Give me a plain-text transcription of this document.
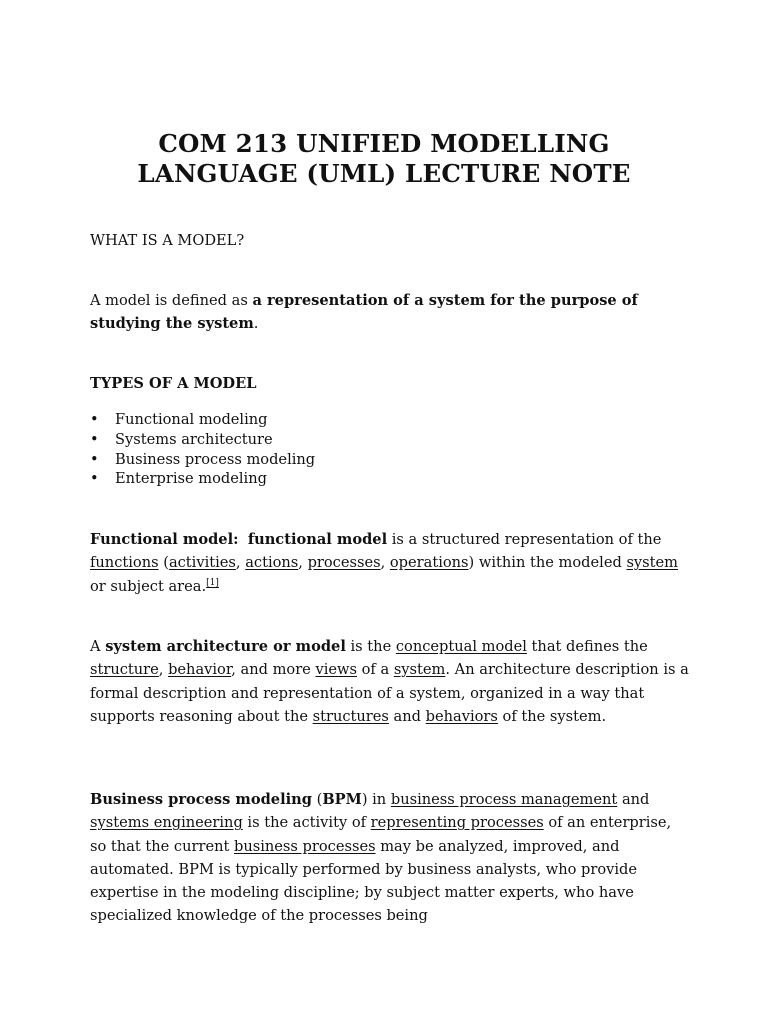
COM 213 UNIFIED MODELLING
LANGUAGE (UML) LECTURE NOTE

WHAT IS A MODEL?

A model is defined as a representation of a system for the purpose of studying the system.

TYPES OF A MODEL

• Functional modeling
• Systems architecture
• Business process modeling
• Enterprise modeling

Functional model: functional model is a structured representation of the functions (activities, actions, processes, operations) within the modeled system or subject area.[1]

A system architecture or model is the conceptual model that defines the structure, behavior, and more views of a system. An architecture description is a formal description and representation of a system, organized in a way that supports reasoning about the structures and behaviors of the system.

Business process modeling (BPM) in business process management and systems engineering is the activity of representing processes of an enterprise, so that the current business processes may be analyzed, improved, and automated. BPM is typically performed by business analysts, who provide expertise in the modeling discipline; by subject matter experts, who have specialized knowledge of the processes being
